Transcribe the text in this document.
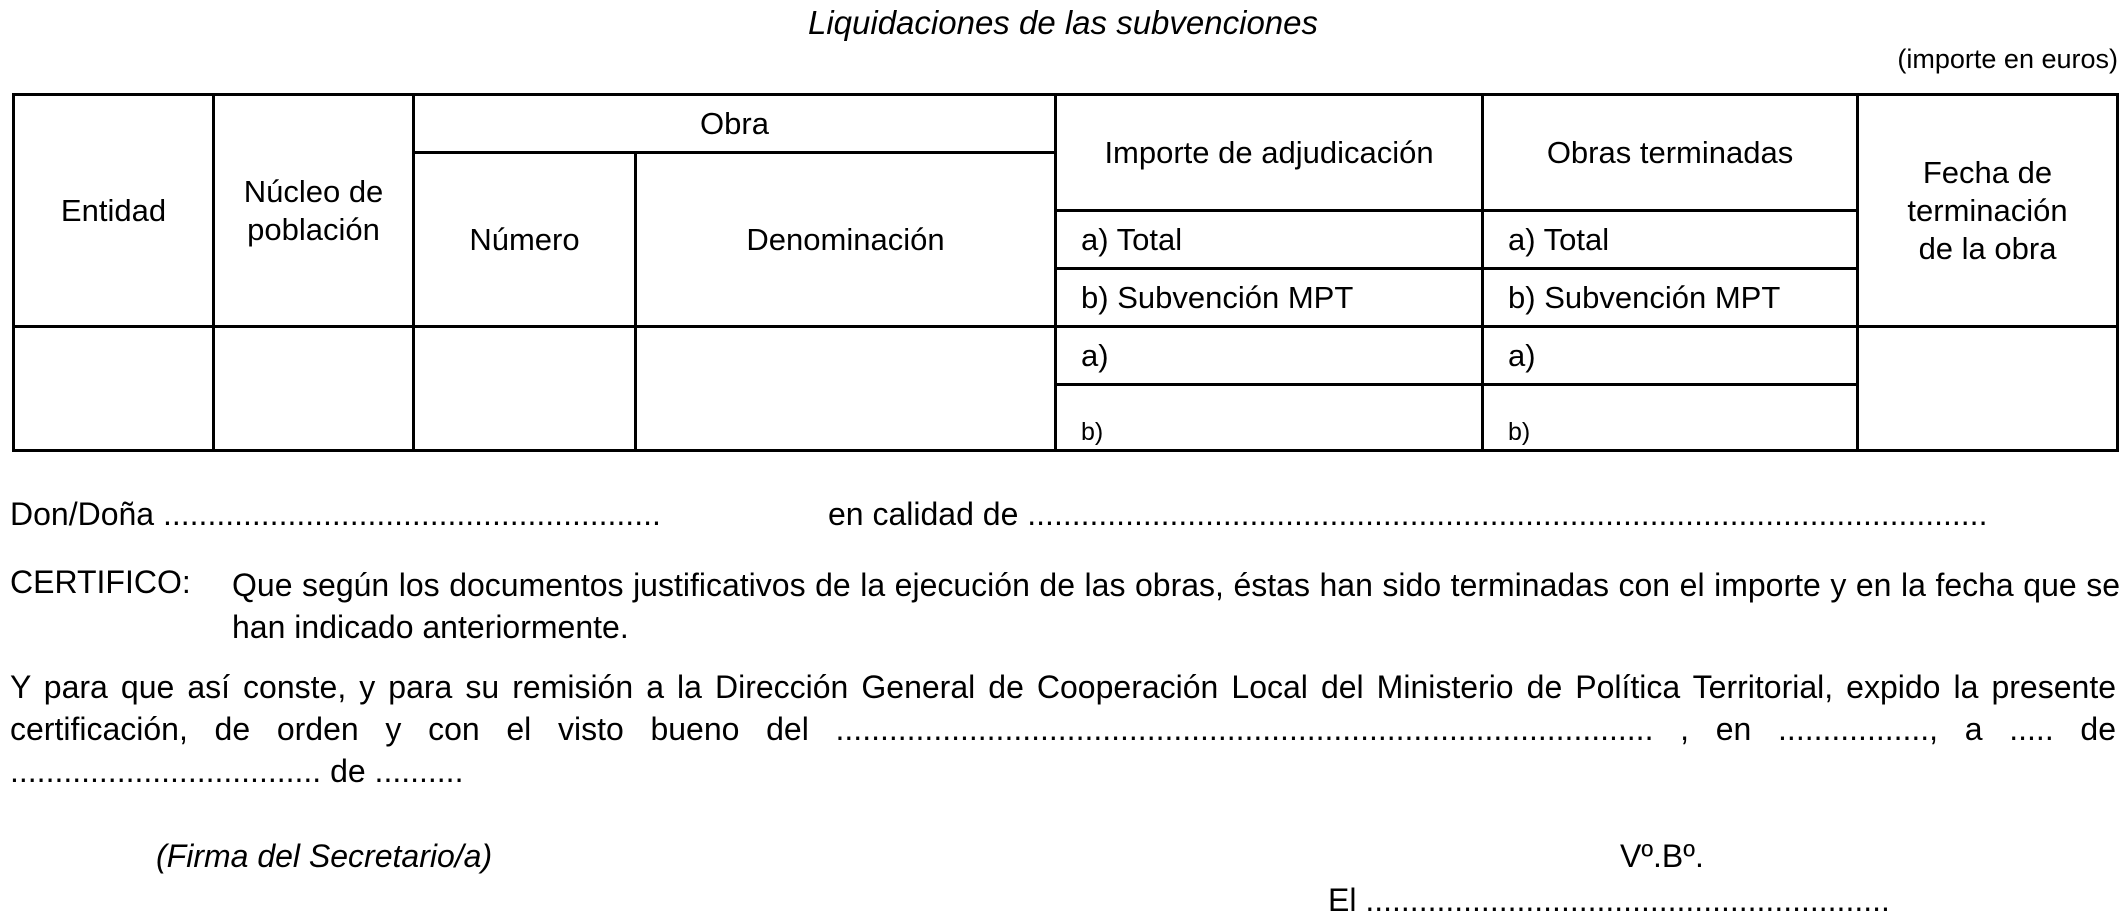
Liquidaciones de las subvenciones
(importe en euros)
Entidad	Núcleo de población	Obra		Importe de adjudicación	Obras terminadas	Fecha de terminación de la obra

		Número	Denominación			
				a) Total	a) Total	
				b) Subvención MPT	b) Subvención MPT	
				a)	a)	
				b)	b)	
Don/Doña ........................................................	en calidad de ............................................................................................................
CERTIFICO: Que según los documentos justificativos de la ejecución de las obras, éstas han sido terminadas con el importe y en la fecha que se han indicado anteriormente.
Y para que así conste, y para su remisión a la Dirección General de Cooperación Local del Ministerio de Política Territorial, expido la presente certificación, de orden y con el visto bueno del ............................................................................................ , en ................., a ..... de ................................... de ..........
(Firma del Secretario/a)	Vº.Bº.
El ...........................................................
